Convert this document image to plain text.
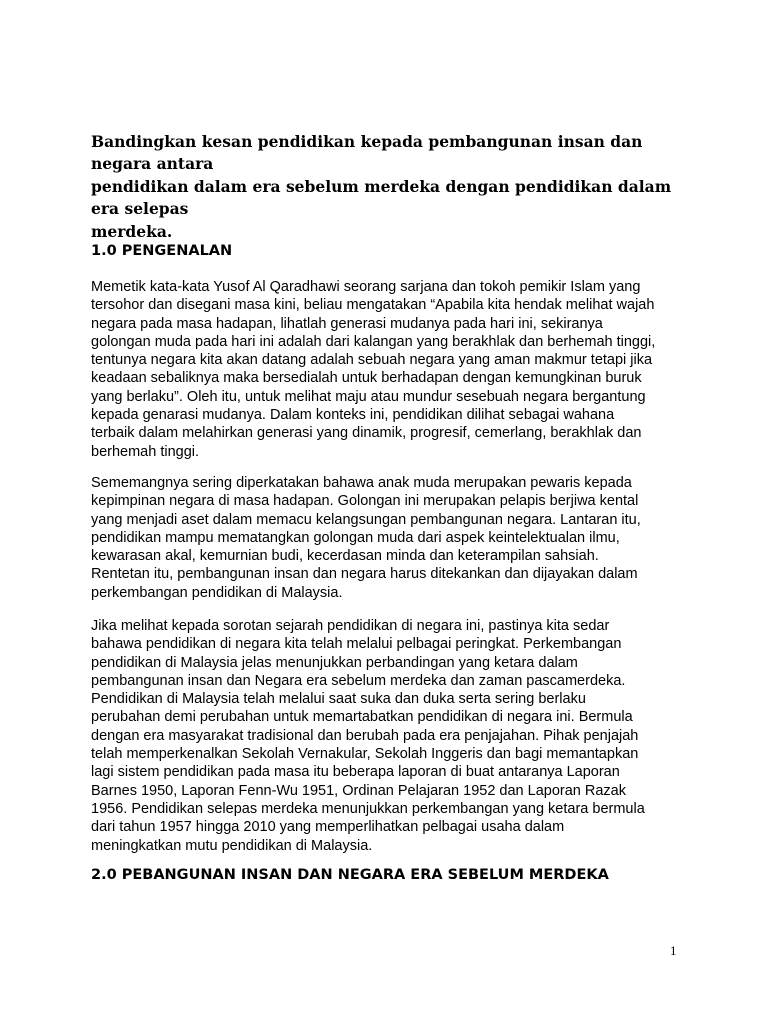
Bandingkan kesan pendidikan kepada pembangunan insan dan negara antara
pendidikan dalam era sebelum merdeka dengan pendidikan dalam era selepas
merdeka.
1.0 PENGENALAN
Memetik kata-kata Yusof Al Qaradhawi seorang sarjana dan tokoh pemikir Islam yang
tersohor dan disegani masa kini, beliau mengatakan “Apabila kita hendak melihat wajah
negara pada masa hadapan, lihatlah generasi mudanya pada hari ini, sekiranya
golongan muda pada hari ini adalah dari kalangan yang berakhlak dan berhemah tinggi,
tentunya negara kita akan datang adalah sebuah negara yang aman makmur tetapi jika
keadaan sebaliknya maka bersedialah untuk berhadapan dengan kemungkinan buruk
yang berlaku”. Oleh itu, untuk melihat maju atau mundur sesebuah negara bergantung
kepada genarasi mudanya. Dalam konteks ini, pendidikan dilihat sebagai wahana
terbaik dalam melahirkan generasi yang dinamik, progresif, cemerlang, berakhlak dan
berhemah tinggi.
Sememangnya sering diperkatakan bahawa anak muda merupakan pewaris kepada
kepimpinan negara di masa hadapan. Golongan ini merupakan pelapis berjiwa kental
yang menjadi aset dalam memacu kelangsungan pembangunan negara. Lantaran itu,
pendidikan mampu mematangkan golongan muda dari aspek keintelektualan ilmu,
kewarasan akal, kemurnian budi, kecerdasan minda dan keterampilan sahsiah.
Rentetan itu, pembangunan insan dan negara harus ditekankan dan dijayakan dalam
perkembangan pendidikan di Malaysia.
Jika melihat kepada sorotan sejarah pendidikan di negara ini, pastinya kita sedar
bahawa pendidikan di negara kita telah melalui pelbagai peringkat. Perkembangan
pendidikan di Malaysia jelas menunjukkan perbandingan yang ketara dalam
pembangunan insan dan Negara era sebelum merdeka dan zaman pascamerdeka.
Pendidikan di Malaysia telah melalui saat suka dan duka serta sering berlaku
perubahan demi perubahan untuk memartabatkan pendidikan di negara ini. Bermula
dengan era masyarakat tradisional dan berubah pada era penjajahan. Pihak penjajah
telah memperkenalkan Sekolah Vernakular, Sekolah Inggeris dan bagi memantapkan
lagi sistem pendidikan pada masa itu beberapa laporan di buat antaranya Laporan
Barnes 1950, Laporan Fenn-Wu 1951, Ordinan Pelajaran 1952 dan Laporan Razak
1956. Pendidikan selepas merdeka menunjukkan perkembangan yang ketara bermula
dari tahun 1957 hingga 2010 yang memperlihatkan pelbagai usaha dalam
meningkatkan mutu pendidikan di Malaysia.
2.0 PEBANGUNAN INSAN DAN NEGARA ERA SEBELUM MERDEKA
1
